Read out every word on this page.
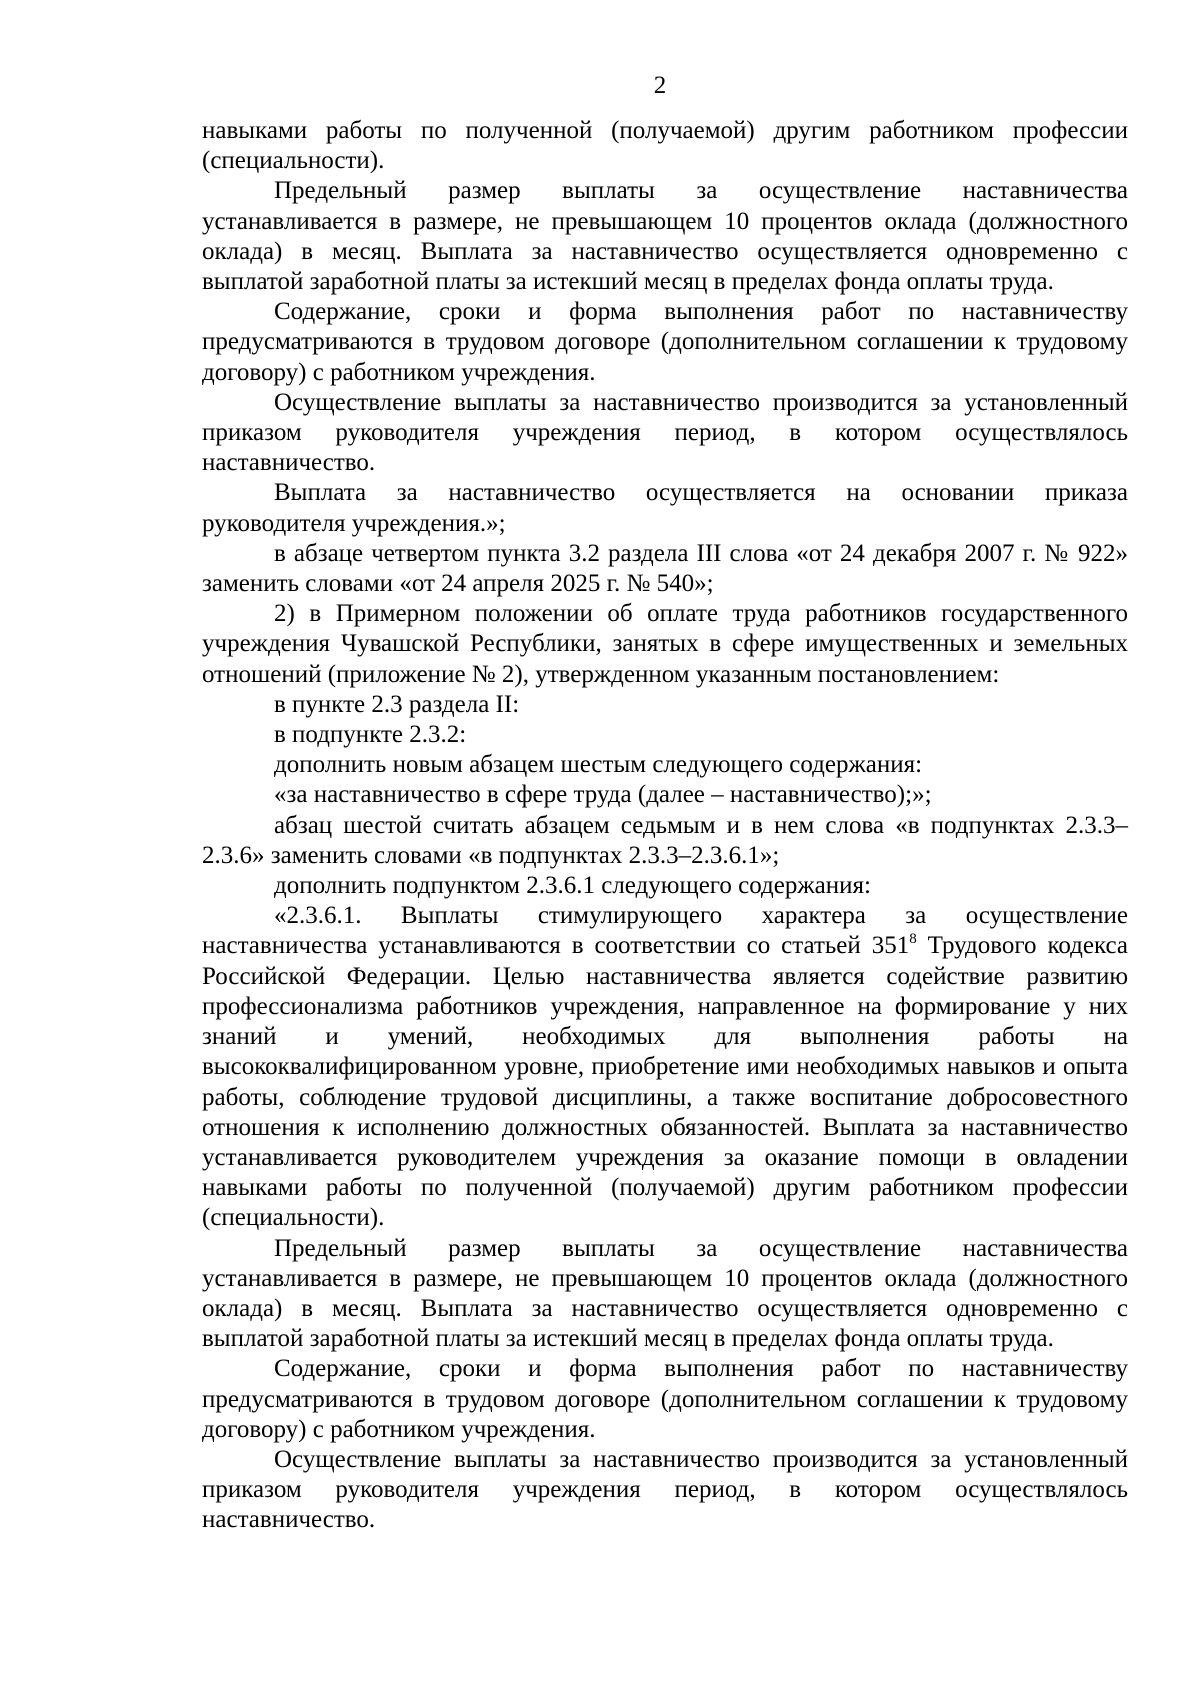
2

навыками работы по полученной (получаемой) другим работником профессии (специальности).

Предельный размер выплаты за осуществление наставничества устанавливается в размере, не превышающем 10 процентов оклада (должностного оклада) в месяц. Выплата за наставничество осуществляется одновременно с выплатой заработной платы за истекший месяц в пределах фонда оплаты труда.

Содержание, сроки и форма выполнения работ по наставничеству предусматриваются в трудовом договоре (дополнительном соглашении к трудовому договору) с работником учреждения.

Осуществление выплаты за наставничество производится за установленный приказом руководителя учреждения период, в котором осуществлялось наставничество.

Выплата за наставничество осуществляется на основании приказа руководителя учреждения.»;

в абзаце четвертом пункта 3.2 раздела III слова «от 24 декабря 2007 г. № 922» заменить словами «от 24 апреля 2025 г. № 540»;

2) в Примерном положении об оплате труда работников государственного учреждения Чувашской Республики, занятых в сфере имущественных и земельных отношений (приложение № 2), утвержденном указанным постановлением:

в пункте 2.3 раздела II:

в подпункте 2.3.2:

дополнить новым абзацем шестым следующего содержания:

«за наставничество в сфере труда (далее – наставничество);»;

абзац шестой считать абзацем седьмым и в нем слова «в подпунктах 2.3.3–2.3.6» заменить словами «в подпунктах 2.3.3–2.3.6.1»;

дополнить подпунктом 2.3.6.1 следующего содержания:

«2.3.6.1. Выплаты стимулирующего характера за осуществление наставничества устанавливаются в соответствии со статьей $351^8$ Трудового кодекса Российской Федерации. Целью наставничества является содействие развитию профессионализма работников учреждения, направленное на формирование у них знаний и умений, необходимых для выполнения работы на высококвалифицированном уровне, приобретение ими необходимых навыков и опыта работы, соблюдение трудовой дисциплины, а также воспитание добросовестного отношения к исполнению должностных обязанностей. Выплата за наставничество устанавливается руководителем учреждения за оказание помощи в овладении навыками работы по полученной (получаемой) другим работником профессии (специальности).

Предельный размер выплаты за осуществление наставничества устанавливается в размере, не превышающем 10 процентов оклада (должностного оклада) в месяц. Выплата за наставничество осуществляется одновременно с выплатой заработной платы за истекший месяц в пределах фонда оплаты труда.

Содержание, сроки и форма выполнения работ по наставничеству предусматриваются в трудовом договоре (дополнительном соглашении к трудовому договору) с работником учреждения.

Осуществление выплаты за наставничество производится за установленный приказом руководителя учреждения период, в котором осуществлялось наставничество.
